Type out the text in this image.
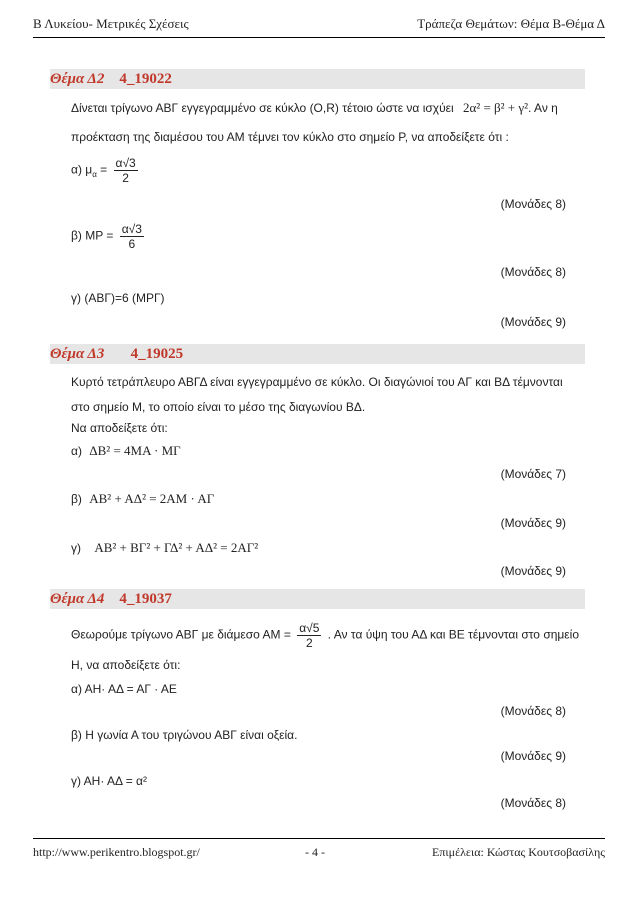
Β Λυκείου- Μετρικές Σχέσεις	Τράπεζα Θεμάτων: Θέμα Β-Θέμα Δ
Θέμα Δ2 4_19022
Δίνεται τρίγωνο ΑΒΓ εγγεγραμμένο σε κύκλο (Ο,R) τέτοιο ώστε να ισχύει 2α² = β² + γ². Αν η
προέκταση της διαμέσου του ΑΜ τέμνει τον κύκλο στο σημείο Ρ, να αποδείξετε ότι :
α) $\mu_\alpha = \frac{\alpha√3}{2}$
(Μονάδες 8)
β) $MP = \frac{\alpha√3}{6}$
(Μονάδες 8)
γ) (ΑΒΓ)=6 (ΜΡΓ)
(Μονάδες 9)
Θέμα Δ3 4_19025
Κυρτό τετράπλευρο ΑΒΓΔ είναι εγγεγραμμένο σε κύκλο. Οι διαγώνιοί του ΑΓ και ΒΔ τέμνονται
στο σημείο Μ, το οποίο είναι το μέσο της διαγωνίου ΒΔ.
Να αποδείξετε ότι:
α) ΔΒ² = 4ΜΑ · ΜΓ
(Μονάδες 7)
β) ΑΒ² + ΑΔ² = 2ΑΜ · ΑΓ
(Μονάδες 9)
γ) ΑΒ² + ΒΓ² + ΓΔ² + ΑΔ² = 2ΑΓ²
(Μονάδες 9)
Θέμα Δ4 4_19037
Θεωρούμε τρίγωνο ΑΒΓ με διάμεσο $AM = \frac{\alpha√5}{2}$ . Αν τα ύψη του ΑΔ και ΒΕ τέμνονται στο σημείο
Η, να αποδείξετε ότι:
α) ΑΗ· ΑΔ = ΑΓ · ΑΕ
(Μονάδες 8)
β) Η γωνία Α του τριγώνου ΑΒΓ είναι οξεία.
(Μονάδες 9)
γ) ΑΗ· ΑΔ = α²
(Μονάδες 8)
http://www.perikentro.blogspot.gr/	- 4 -	Επιμέλεια: Κώστας Κουτσοβασίλης
